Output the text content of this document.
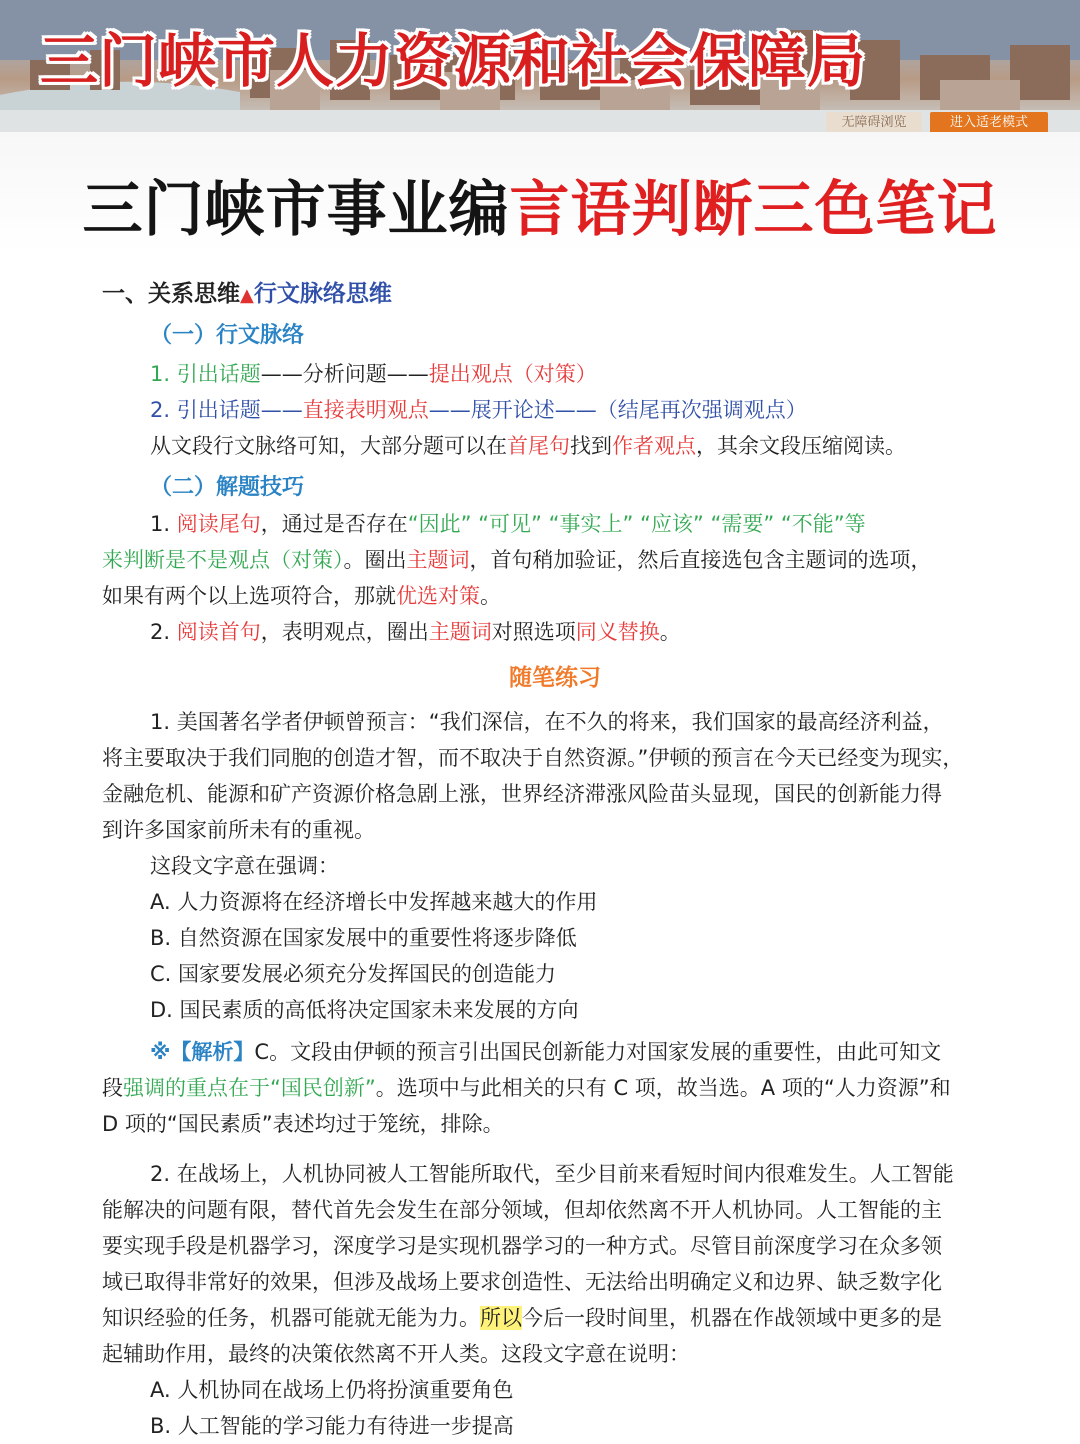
三门峡市人力资源和社会保障局
无障碍浏览	进入适老模式
三门峡市事业编言语判断三色笔记
一、关系思维▲行文脉络思维
（一）行文脉络
1. 引出话题——分析问题——提出观点（对策）
2. 引出话题——直接表明观点——展开论述——（结尾再次强调观点）
从文段行文脉络可知，大部分题可以在首尾句找到作者观点，其余文段压缩阅读。
（二）解题技巧
1. 阅读尾句，通过是否存在“因此” “可见” “事实上” “应该” “需要” “不能”等
来判断是不是观点（对策）。圈出主题词，首句稍加验证，然后直接选包含主题词的选项，
如果有两个以上选项符合，那就优选对策。
2. 阅读首句，表明观点，圈出主题词对照选项同义替换。
随笔练习
1. 美国著名学者伊顿曾预言：“我们深信，在不久的将来，我们国家的最高经济利益，
将主要取决于我们同胞的创造才智，而不取决于自然资源。”伊顿的预言在今天已经变为现实，
金融危机、能源和矿产资源价格急剧上涨，世界经济滞涨风险苗头显现，国民的创新能力得
到许多国家前所未有的重视。
这段文字意在强调：
A. 人力资源将在经济增长中发挥越来越大的作用
B. 自然资源在国家发展中的重要性将逐步降低
C. 国家要发展必须充分发挥国民的创造能力
D. 国民素质的高低将决定国家未来发展的方向
※【解析】C。文段由伊顿的预言引出国民创新能力对国家发展的重要性，由此可知文
段强调的重点在于“国民创新”。选项中与此相关的只有 C 项，故当选。A 项的“人力资源”和
D 项的“国民素质”表述均过于笼统，排除。
2. 在战场上，人机协同被人工智能所取代，至少目前来看短时间内很难发生。人工智能
能解决的问题有限，替代首先会发生在部分领域，但却依然离不开人机协同。人工智能的主
要实现手段是机器学习，深度学习是实现机器学习的一种方式。尽管目前深度学习在众多领
域已取得非常好的效果，但涉及战场上要求创造性、无法给出明确定义和边界、缺乏数字化
知识经验的任务，机器可能就无能为力。所以今后一段时间里，机器在作战领域中更多的是
起辅助作用，最终的决策依然离不开人类。这段文字意在说明：
A. 人机协同在战场上仍将扮演重要角色
B. 人工智能的学习能力有待进一步提高
